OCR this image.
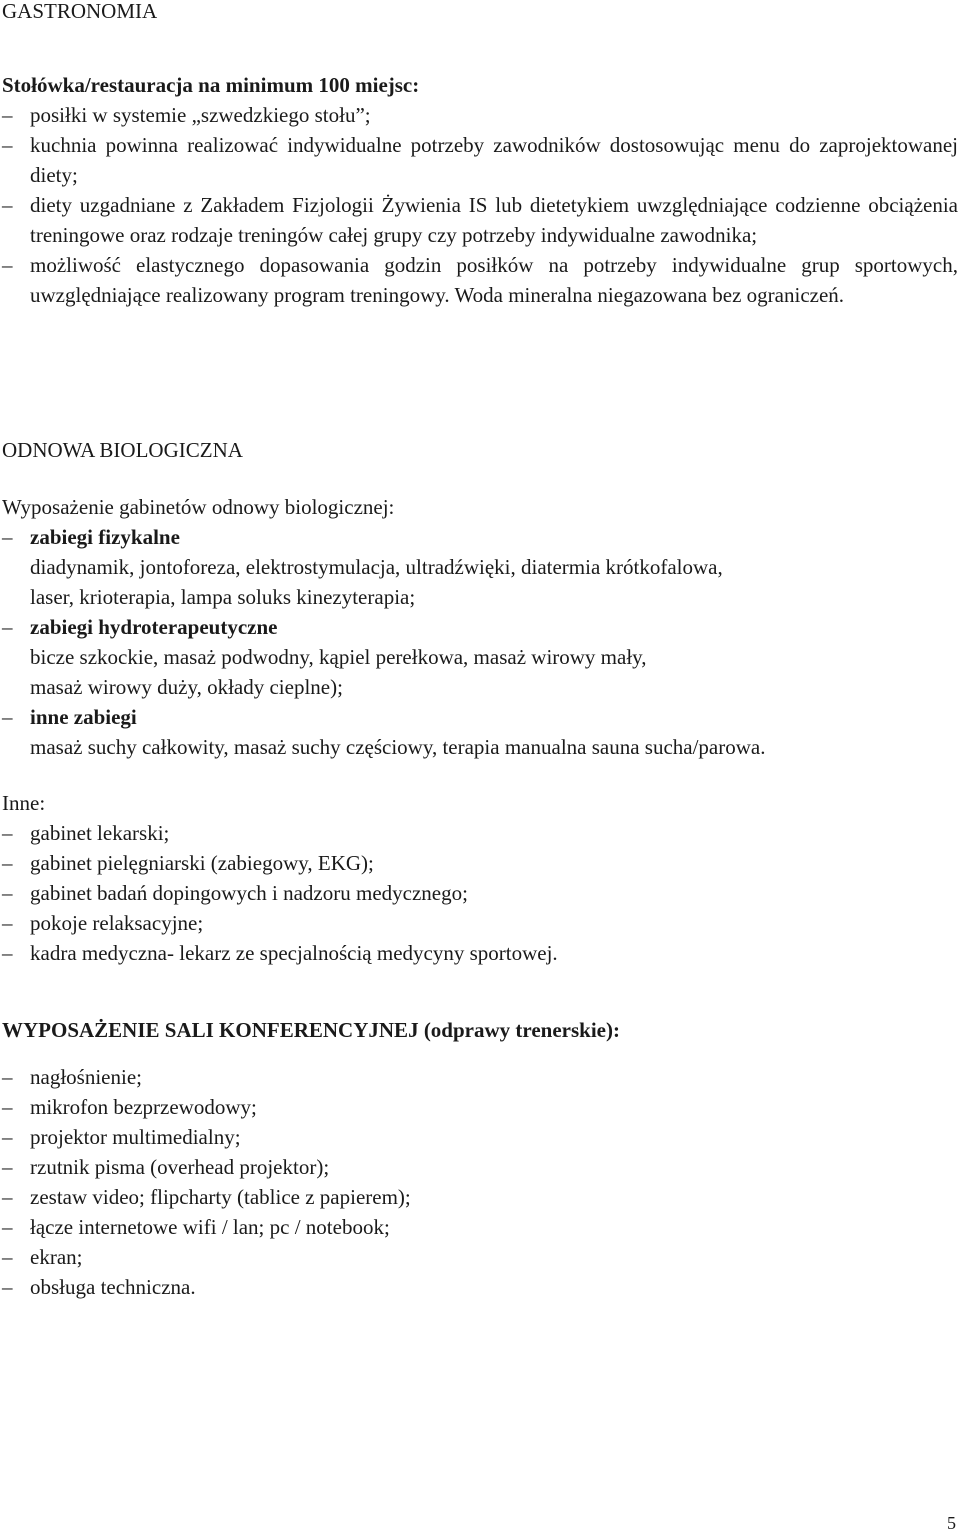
GASTRONOMIA
Stołówka/restauracja na minimum 100 miejsc:
– posiłki w systemie „szwedzkiego stołu”;
– kuchnia powinna realizować indywidualne potrzeby zawodników dostosowując menu do zaprojektowanej diety;
– diety uzgadniane z Zakładem Fizjologii Żywienia IS lub dietetykiem uwzględniające codzienne obciążenia treningowe oraz rodzaje treningów całej grupy czy potrzeby indywidualne zawodnika;
– możliwość elastycznego dopasowania godzin posiłków na potrzeby indywidualne grup sportowych, uwzględniające realizowany program treningowy. Woda mineralna niegazowana bez ograniczeń.
ODNOWA BIOLOGICZNA
Wyposażenie gabinetów odnowy biologicznej:
– zabiegi fizykalne
diadynamik, jontoforeza, elektrostymulacja, ultradźwięki, diatermia krótkofalowa,
laser, krioterapia, lampa soluks kinezyterapia;
– zabiegi hydroterapeutyczne
bicze szkockie, masaż podwodny, kąpiel perełkowa, masaż wirowy mały,
masaż wirowy duży, okłady cieplne);
– inne zabiegi
masaż suchy całkowity, masaż suchy częściowy, terapia manualna sauna sucha/parowa.
Inne:
– gabinet lekarski;
– gabinet pielęgniarski (zabiegowy, EKG);
– gabinet badań dopingowych i nadzoru medycznego;
– pokoje relaksacyjne;
– kadra medyczna- lekarz ze specjalnością medycyny sportowej.
WYPOSAŻENIE SALI KONFERENCYJNEJ (odprawy trenerskie):
– nagłośnienie;
– mikrofon bezprzewodowy;
– projektor multimedialny;
– rzutnik pisma (overhead projektor);
– zestaw video; flipcharty (tablice z papierem);
– łącze internetowe wifi / lan; pc / notebook;
– ekran;
– obsługa techniczna.
5
